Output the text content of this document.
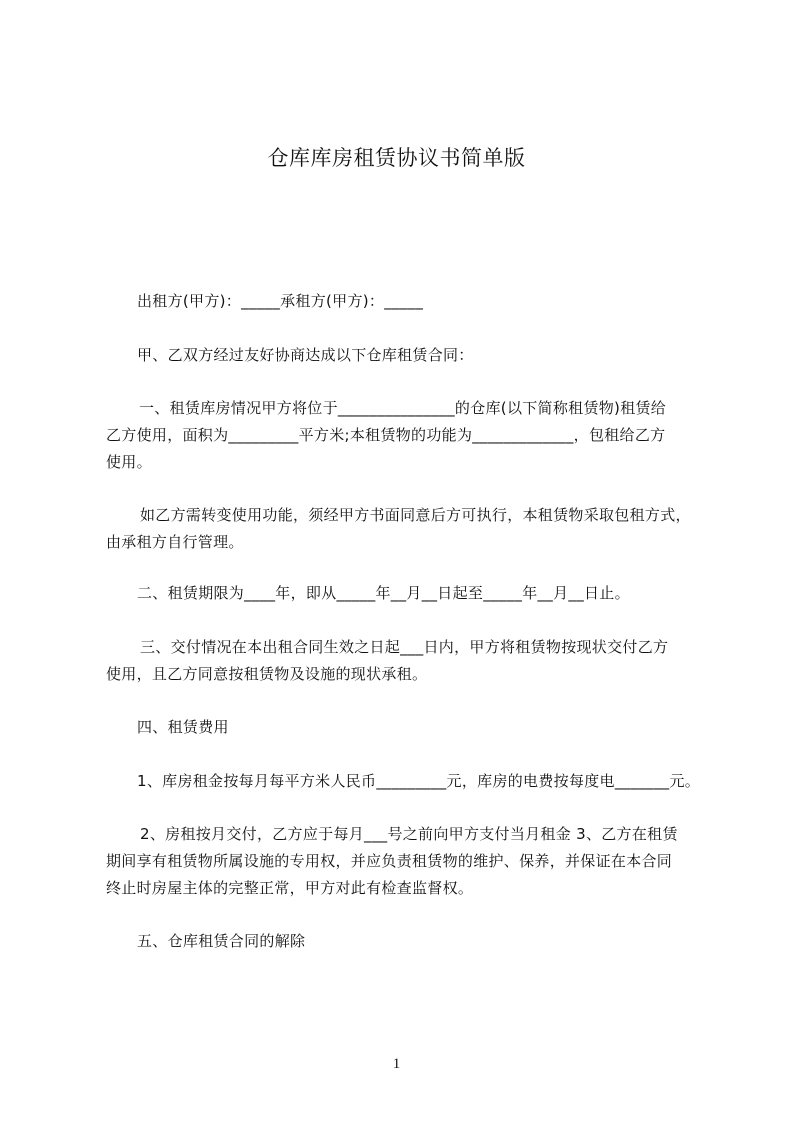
仓库库房租赁协议书简单版
出租方(甲方)：_____承租方(甲方)：_____
甲、乙双方经过友好协商达成以下仓库租赁合同：
一、租赁库房情况甲方将位于_______________的仓库(以下简称租赁物)租赁给
乙方使用，面积为_________平方米;本租赁物的功能为_____________，包租给乙方
使用。
如乙方需转变使用功能，须经甲方书面同意后方可执行，本租赁物采取包租方式，
由承租方自行管理。
二、租赁期限为____年，即从_____年__月__日起至_____年__月__日止。
三、交付情况在本出租合同生效之日起___日内，甲方将租赁物按现状交付乙方
使用，且乙方同意按租赁物及设施的现状承租。
四、租赁费用
1、库房租金按每月每平方米人民币_________元，库房的电费按每度电_______元。
2、房租按月交付，乙方应于每月___号之前向甲方支付当月租金 3、乙方在租赁
期间享有租赁物所属设施的专用权，并应负责租赁物的维护、保养，并保证在本合同
终止时房屋主体的完整正常，甲方对此有检查监督权。
五、仓库租赁合同的解除
1
